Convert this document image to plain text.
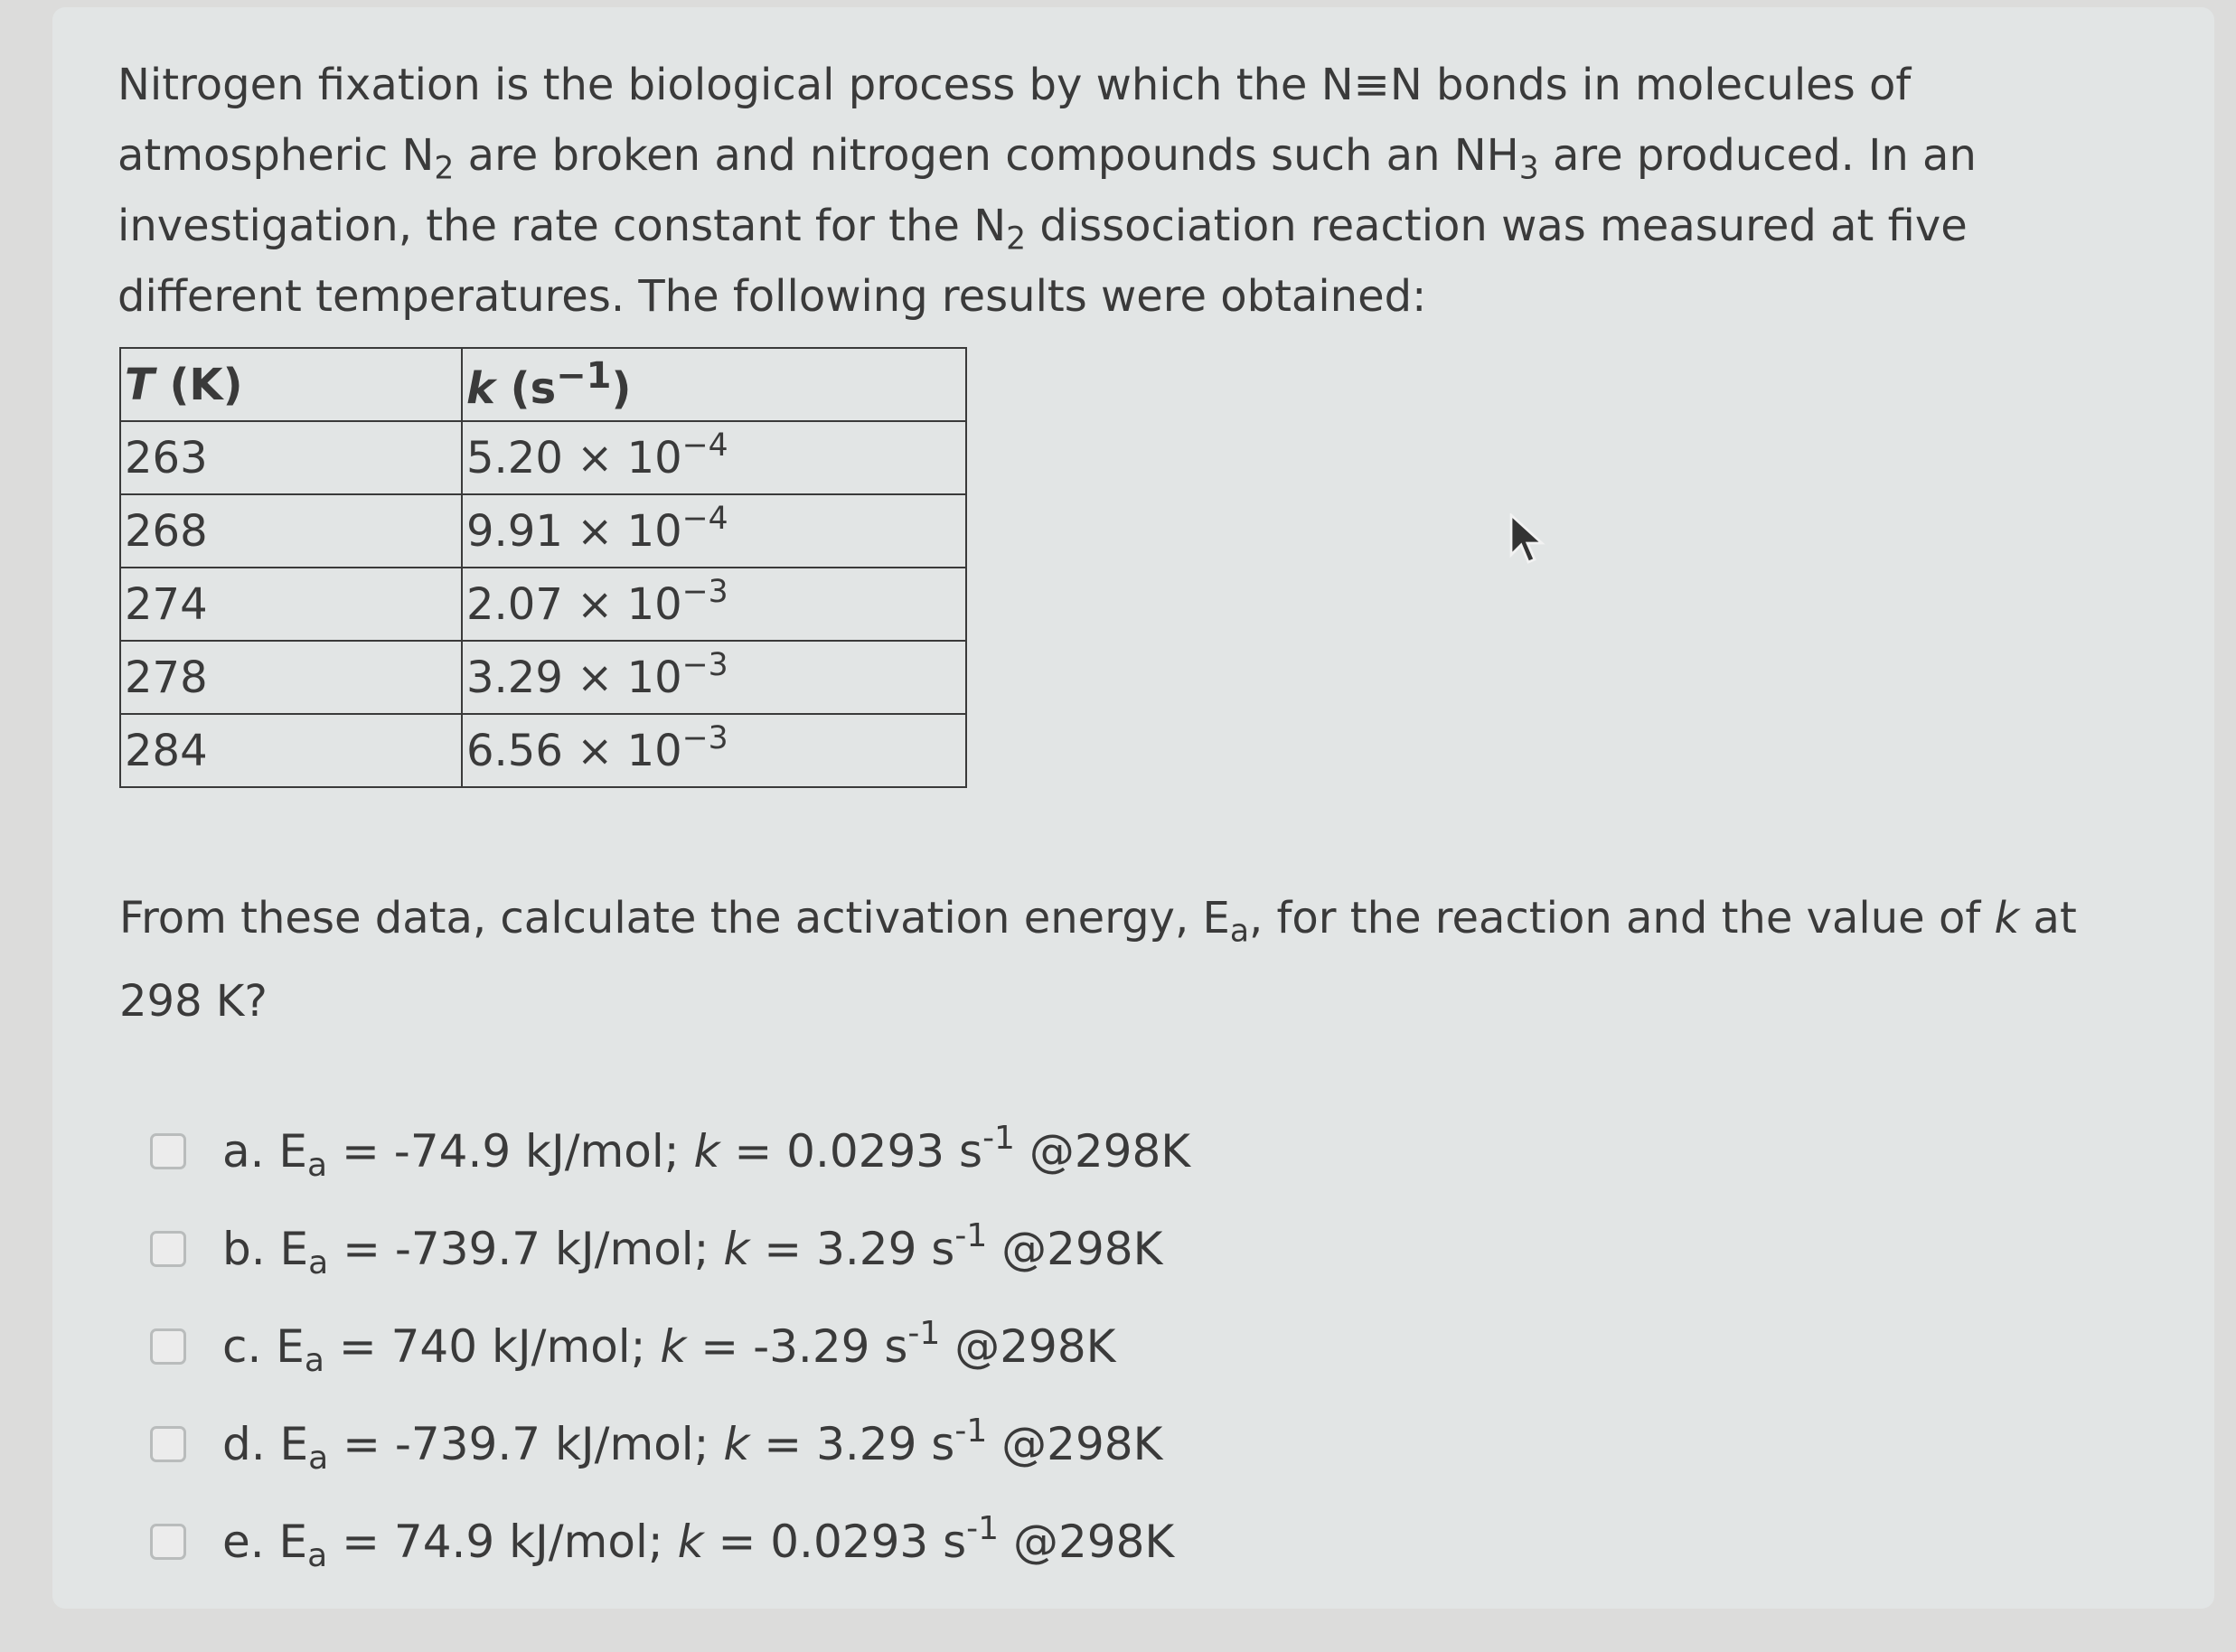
Nitrogen fixation is the biological process by which the N≡N bonds in molecules of atmospheric $N_2$ are broken and nitrogen compounds such an $NH_3$ are produced. In an investigation, the rate constant for the $N_2$ dissociation reaction was measured at five different temperatures. The following results were obtained:
T (K)	k $(s^{-1})$
263	$5.20 \times 10^{-4}$
268	$9.91 \times 10^{-4}$
274	$2.07 \times 10^{-3}$
278	$3.29 \times 10^{-3}$
284	$6.56 \times 10^{-3}$
From these data, calculate the activation energy, $E_a$, for the reaction and the value of k at 298 K?
a. $E_a = -74.9$ kJ/mol; k = 0.0293 $s^{-1}$ @298K
b. $E_a = -739.7$ kJ/mol; k = 3.29 $s^{-1}$ @298K
c. $E_a = 740$ kJ/mol; k = -3.29 $s^{-1}$ @298K
d. $E_a = -739.7$ kJ/mol; k = 3.29 $s^{-1}$ @298K
e. $E_a = 74.9$ kJ/mol; k = 0.0293 $s^{-1}$ @298K
